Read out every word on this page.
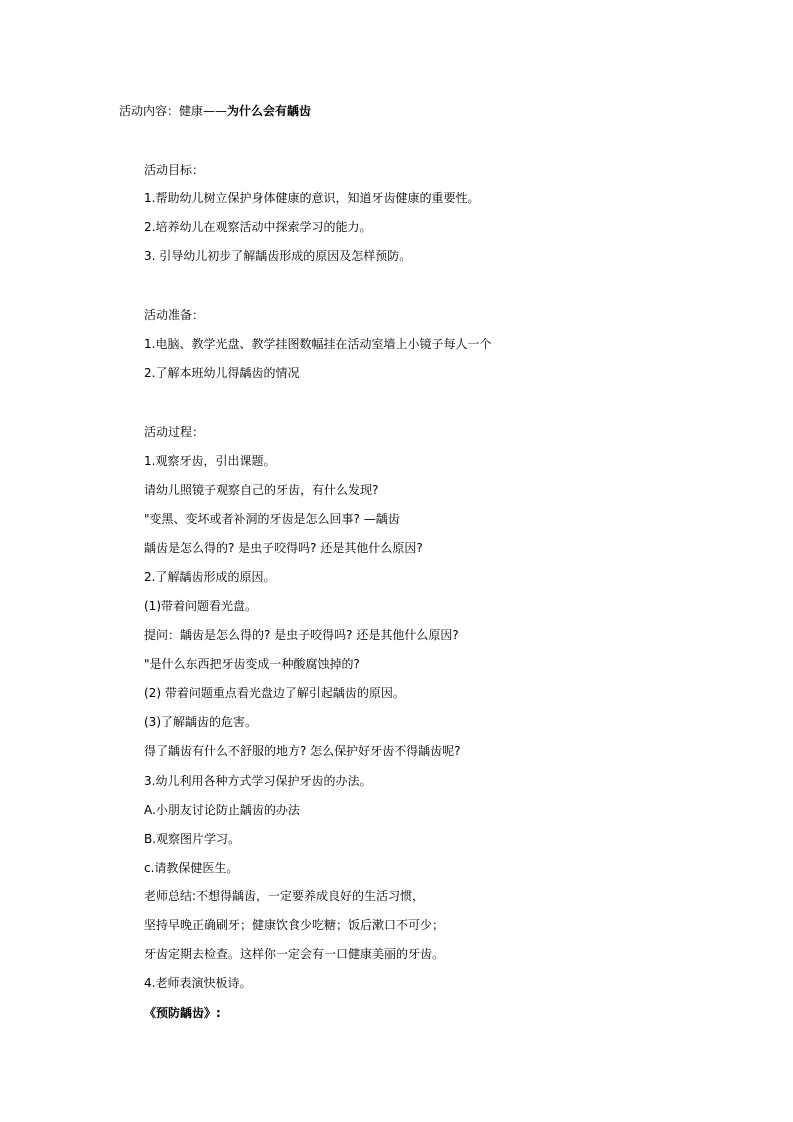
活动内容：健康——为什么会有龋齿
活动目标：
1.帮助幼儿树立保护身体健康的意识，知道牙齿健康的重要性。
2.培养幼儿在观察活动中探索学习的能力。
3. 引导幼儿初步了解龋齿形成的原因及怎样预防。
活动准备：
1.电脑、教学光盘、教学挂图数幅挂在活动室墙上小镜子每人一个
2.了解本班幼儿得龋齿的情况
活动过程：
1.观察牙齿，引出课题。
请幼儿照镜子观察自己的牙齿，有什么发现?
"变黑、变坏或者补洞的牙齿是怎么回事? —龋齿
龋齿是怎么得的? 是虫子咬得吗? 还是其他什么原因?
2.了解龋齿形成的原因。
(1)带着问题看光盘。
提问：龋齿是怎么得的? 是虫子咬得吗? 还是其他什么原因?
"是什么东西把牙齿变成一种酸腐蚀掉的?
(2) 带着问题重点看光盘边了解引起龋齿的原因。
(3)了解龋齿的危害。
得了龋齿有什么不舒服的地方? 怎么保护好牙齿不得龋齿呢?
3.幼儿利用各种方式学习保护牙齿的办法。
A.小朋友讨论防止龋齿的办法
B.观察图片学习。
c.请教保健医生。
老师总结:不想得龋齿，一定要养成良好的生活习惯，
坚持早晚正确刷牙；健康饮食少吃糖；饭后漱口不可少；
牙齿定期去检查。这样你一定会有一口健康美丽的牙齿。
4.老师表演快板诗。
《预防龋齿》:
